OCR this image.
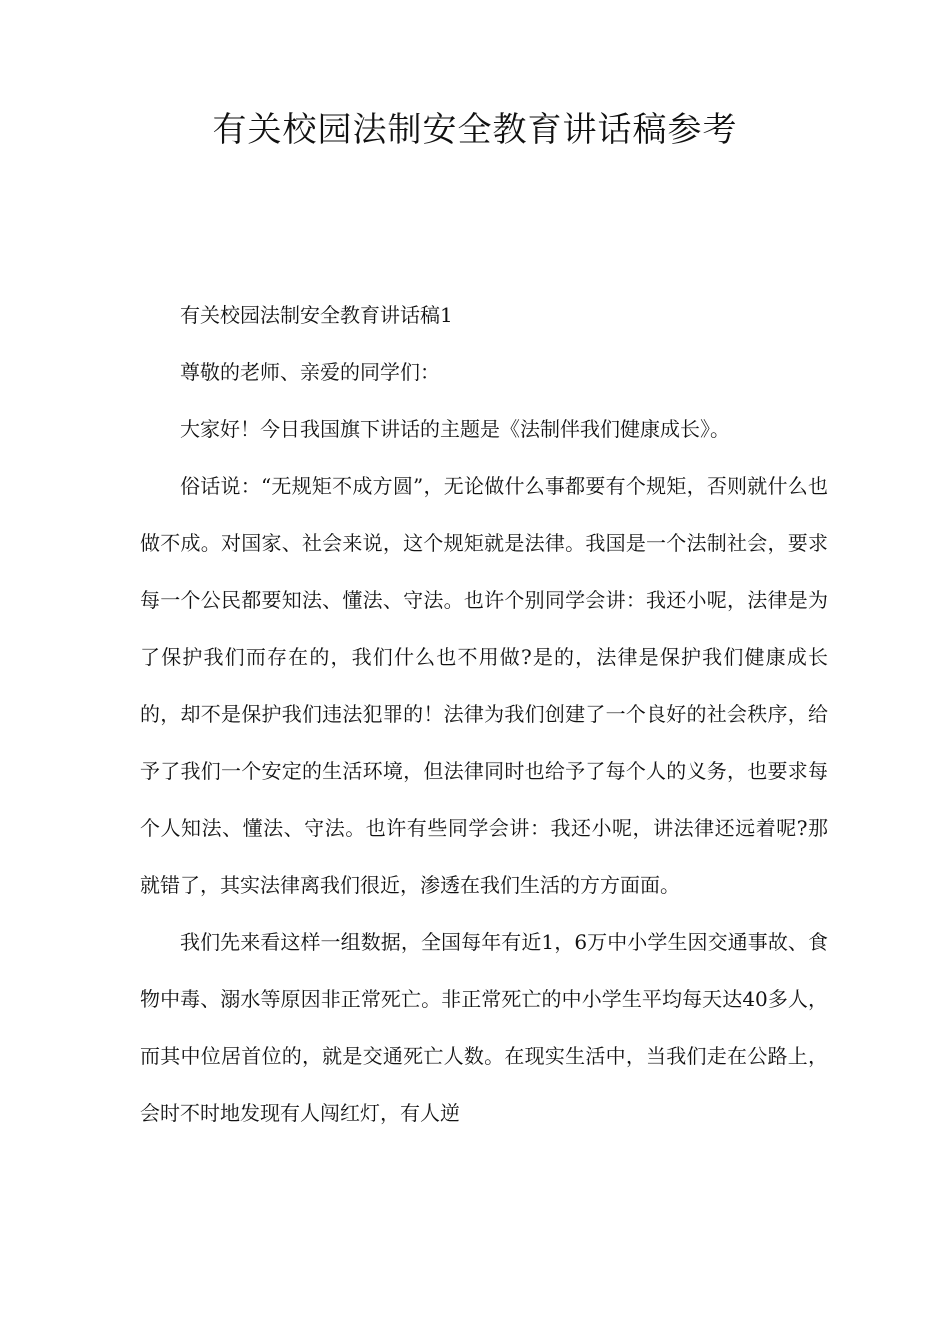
有关校园法制安全教育讲话稿参考

有关校园法制安全教育讲话稿1

尊敬的老师、亲爱的同学们：

大家好！今日我国旗下讲话的主题是《法制伴我们健康成长》。

俗话说：“无规矩不成方圆”，无论做什么事都要有个规矩，否则就什么也做不成。对国家、社会来说，这个规矩就是法律。我国是一个法制社会，要求每一个公民都要知法、懂法、守法。也许个别同学会讲：我还小呢，法律是为了保护我们而存在的，我们什么也不用做?是的，法律是保护我们健康成长的，却不是保护我们违法犯罪的！法律为我们创建了一个良好的社会秩序，给予了我们一个安定的生活环境，但法律同时也给予了每个人的义务，也要求每个人知法、懂法、守法。也许有些同学会讲：我还小呢，讲法律还远着呢?那就错了，其实法律离我们很近，渗透在我们生活的方方面面。

我们先来看这样一组数据，全国每年有近1，6万中小学生因交通事故、食物中毒、溺水等原因非正常死亡。非正常死亡的中小学生平均每天达40多人，而其中位居首位的，就是交通死亡人数。在现实生活中，当我们走在公路上，会时不时地发现有人闯红灯，有人逆
